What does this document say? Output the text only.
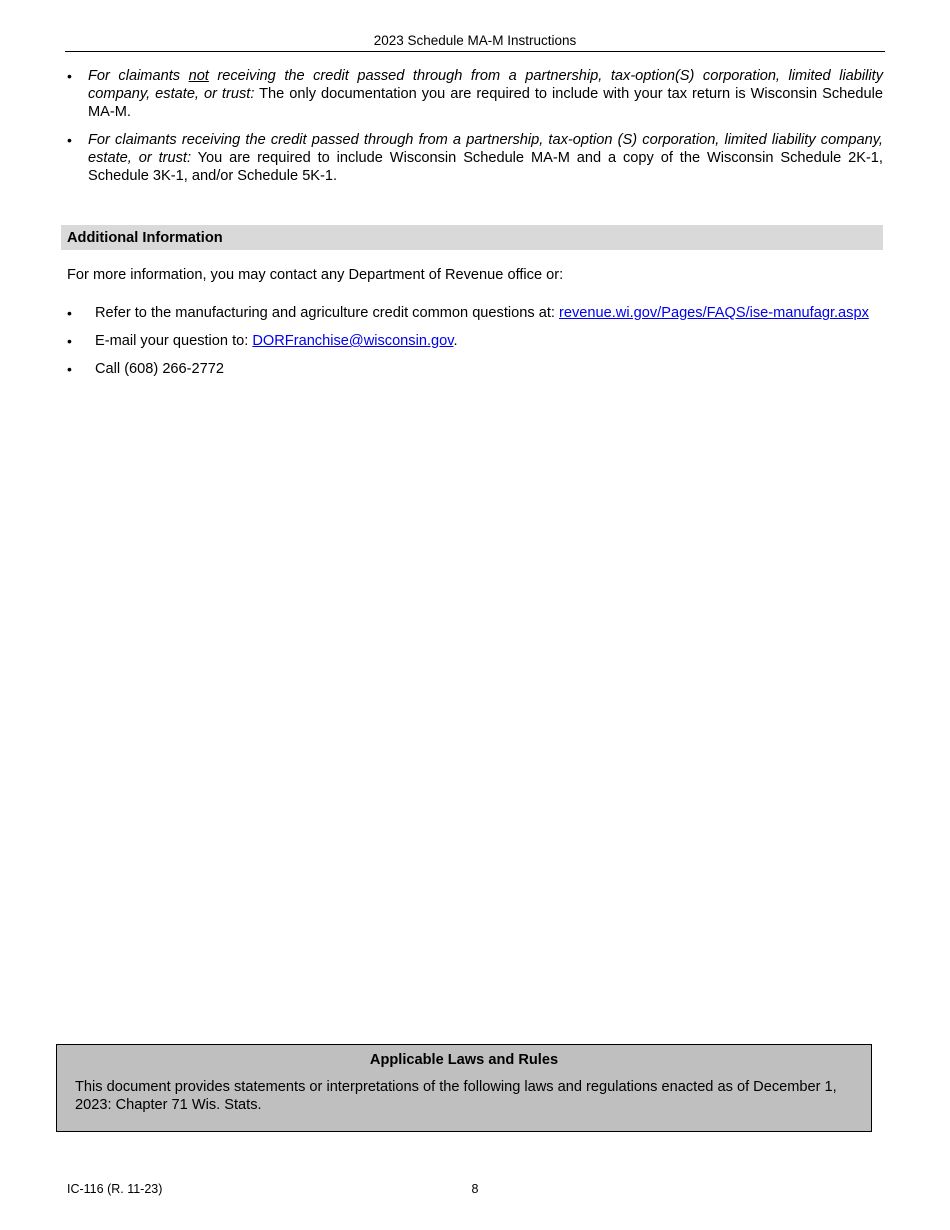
2023 Schedule MA-M Instructions
• For claimants not receiving the credit passed through from a partnership, tax-option(S) corporation, limited liability company, estate, or trust: The only documentation you are required to include with your tax return is Wisconsin Schedule MA-M.
• For claimants receiving the credit passed through from a partnership, tax-option (S) corporation, limited liability company, estate, or trust: You are required to include Wisconsin Schedule MA-M and a copy of the Wisconsin Schedule 2K-1, Schedule 3K-1, and/or Schedule 5K-1.
Additional Information
For more information, you may contact any Department of Revenue office or:
• Refer to the manufacturing and agriculture credit common questions at: revenue.wi.gov/Pages/FAQS/ise-manufagr.aspx
• E-mail your question to: DORFranchise@wisconsin.gov.
• Call (608) 266-2772
Applicable Laws and Rules
This document provides statements or interpretations of the following laws and regulations enacted as of December 1, 2023: Chapter 71 Wis. Stats.
IC-116 (R. 11-23)	8
